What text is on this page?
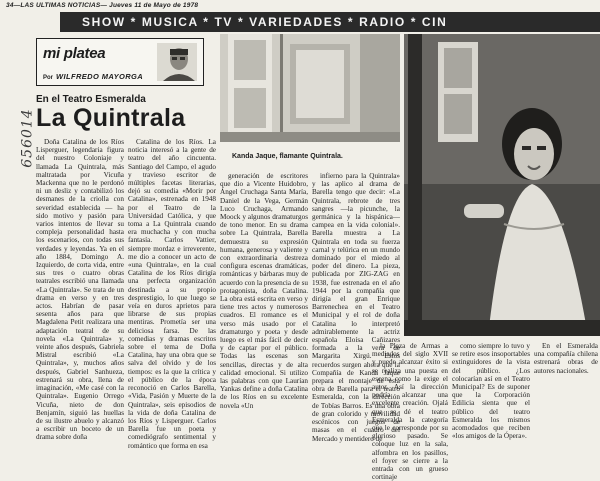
34—LAS ULTIMAS NOTICIAS— Jueves 11 de Mayo de 1978
SHOW * MUSICA * TV * VARIEDADES * RADIO * CIN
mi platea
Por WILFREDO MAYORGA
En el Teatro Esmeralda
La Quintrala
Kanda Jaque, flamante Quintrala.
656014	Doña Catalina de los Ríos Lisperguer, legendaria figura del nuestro Coloniaje y llamada La Quintrala, más maltratada por Vicuña Mackenna que no le perdonó ni un desliz y contabilizó los desmanes de la criolla con severidad establecida — ha sido motivo y pasión para varios intentos de llevar su compleja personalidad hasta los escenarios, con todas sus verdades y leyendas. Ya en el año 1884, Domingo A. Izquierdo, de corta vida, entre sus tres o cuatro obras teatrales escribió una llamada «La Quintrala». Se trata de un drama en verso y en tres actos. Habrían de pasar sesenta años para que Magdalena Petit realizara una adaptación teatral de su novela «La Quintrala» y, veinte años después, Gabriela Mistral escribió «La Quintrala», y, muchos años después, Gabriel Sanhueza, estrenará su obra, llena de imaginación, «Me casé con la Quintrala». Eugenio Orrego Vicuña, nieto de don Benjamín, siguió las huellas de su ilustre abuelo y alcanzó a escribir un boceto de un drama sobre doña

Catalina de los Ríos. La noticia interesó a la gente de teatro del año cincuenta. Santiago del Campo, el agudo y travieso escritor de múltiples facetas literarias, dejó su comedia «Morir por Catalina», estrenada en 1948 por el Teatro de la Universidad Católica, y que toma a La Quintrala cuando era muchacha y con mucha fantasía. Carlos Vattier, siempre mordaz e irreverente, me dio a conocer un acto de «una Quintrala», en la cual Catalina de los Ríos dirigía una perfecta organización destinada a su propio desprestigio, lo que luego se veía en duros aprietos para librarse de sus propias mentiras. Prometía ser una deliciosa farsa. De las comedias y dramas escritos sobre el tema de Doña Catalina, hay una obra que se salva del olvido y de los tiempos: es la que la crítica y el público de la época reconoció en Carlos Barella, «Vida, Pasión y Muerte de la Quintrala», seis episodios de la vida de doña Catalina de los Ríos y Lisperguer. Carlos Barella fue un poeta y comediógrafo sentimental y romántico que forma en esa

generación de escritores que dio a Vicente Huidobro, Ángel Cruchaga Santa María, Daniel de la Vega, Germán Luco Cruchaga, Armando Moock y algunos dramaturgos de tono menor. En su drama sobre La Quintrala, Barella demuestra su expresión humana, generosa y valiente y con extraordinaria destreza configura escenas dramáticas, románticas y bárbaras muy de acuerdo con la presencia de su protagonista, doña Catalina. La obra está escrita en verso y tiene tres actos y numerosos cuadros. El romance es el verso más usado por el dramaturgo y poeta y desde luego es el más fácil de decir y de captar por el público. Todas las escenas son sencillas, directas y de alta calidad emocional. Si utilizo las palabras con que Laurían Yankas define a doña Catalina de los Ríos en su excelente novela «Un

infierno para la Quintrala» y las aplico al drama de Barella tengo que decir: «La Quintrala, rebrote de tres sangres —la picunche, la germánica y la hispánica— campea en la vida colonial». Barella muestra a La Quintrala en toda su fuerza carnal y telúrica en un mundo dominado por el miedo al poder del dinero. La pieza, publicada por ZIG-ZAG en 1938, fue estrenada en el año 1944 por la compañía que dirigía el gran Enrique Barrenechea en el Teatro Municipal y el rol de doña Catalina lo interpretó admirablemente la actriz española Eloísa Cañizares formada a la vera de Margarita Xirgú. Estos recuerdos surgen ahora que la Compañía de Kanda Jaque prepara el montaje de esta obra de Barella para el teatro Esmeralda, con la dirección de Tobías Barros. Es una obra de gran colorido y movilidad escénicos con juegos de masas en el cuadro del Mercado y mentidero de

la Plaza de Armas a mediados del siglo XVII y puede alcanzar éxito si se realiza una puesta en escena como la exige el autor. Así la dirección podría alcanzar una excelente creación. Ojalá que se dé el teatro Esmeralda la categoría que le corresponde por su glorioso pasado. Se coloque luz en la sala, alfombra en los pasillos, el foyer se cierre a la entrada con un grueso cortinaje

como siempre lo tuvo y se retire esos insoportables extinguidores de la vista del público. ¿Los colocarían así en el Teatro Municipal? Es de suponer que la Corporación Edilicia sienta que el público del teatro Esmeralda los mismos acomodados que reciben «los amigos de la Ópera».

En el Esmeralda una compañía chilena estrenará obras de autores nacionales.
